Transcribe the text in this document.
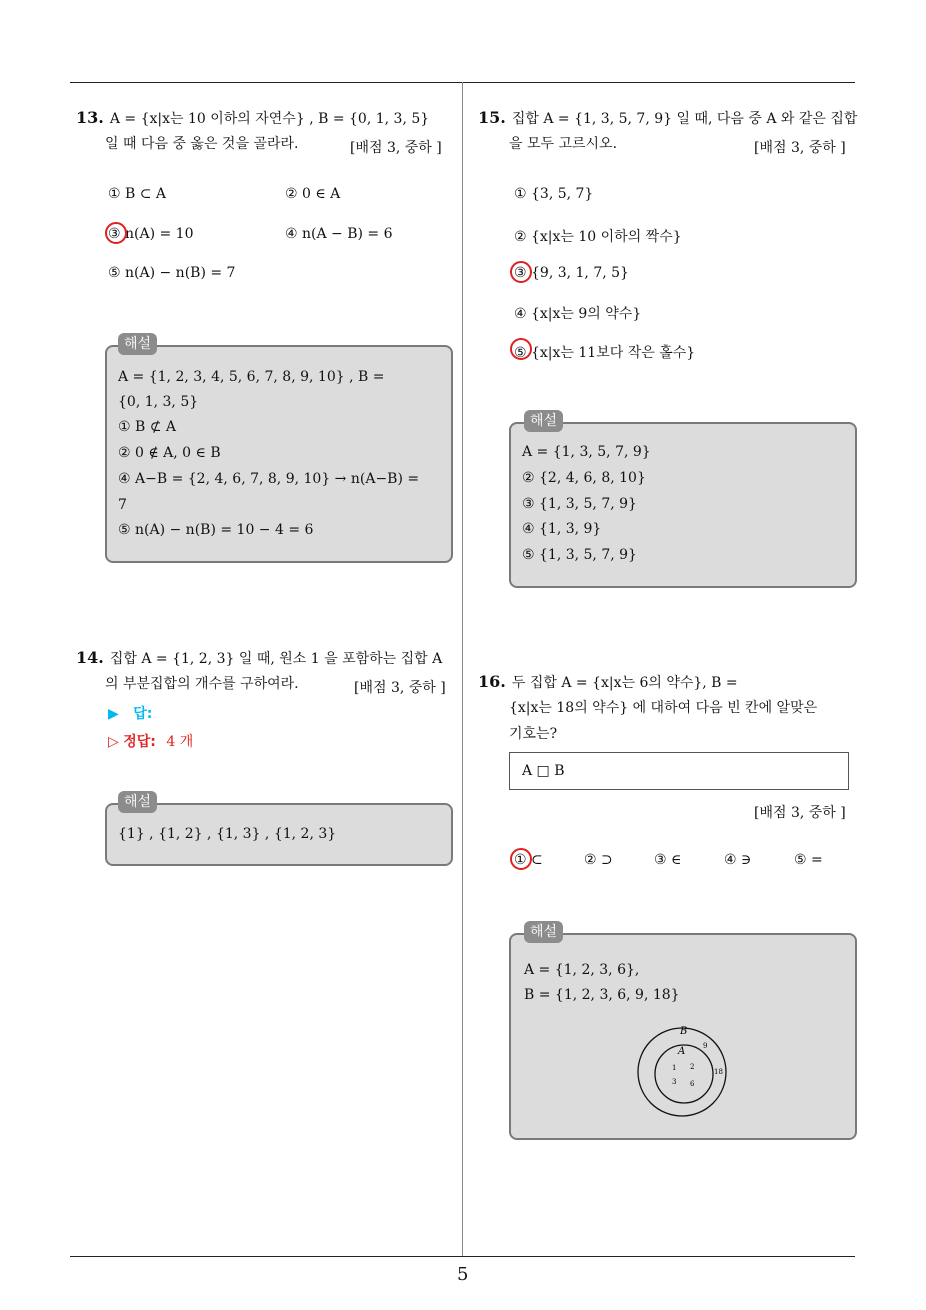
5
13. A = {x|x는 10 이하의 자연수} , B = {0, 1, 3, 5}
일 때 다음 중 옳은 것을 골라라.	[배점 3, 중하 ]
① B ⊂ A	② 0 ∈ A
③ n(A) = 10	④ n(A − B) = 6
⑤ n(A) − n(B) = 7
해설
A = {1, 2, 3, 4, 5, 6, 7, 8, 9, 10} , B =
{0, 1, 3, 5}
① B ⊄ A
② 0 ∉ A, 0 ∈ B
④ A−B = {2, 4, 6, 7, 8, 9, 10} → n(A−B) =
7
⑤ n(A) − n(B) = 10 − 4 = 6
14. 집합 A = {1, 2, 3} 일 때, 원소 1 을 포함하는 집합 A
의 부분집합의 개수를 구하여라.	[배점 3, 중하 ]
▶ 답:
▷ 정답: 4 개
해설
{1} , {1, 2} , {1, 3} , {1, 2, 3}
15. 집합 A = {1, 3, 5, 7, 9} 일 때, 다음 중 A 와 같은 집합
을 모두 고르시오.	[배점 3, 중하 ]
① {3, 5, 7}
② {x|x는 10 이하의 짝수}
③ {9, 3, 1, 7, 5}
④ {x|x는 9의 약수}
⑤ {x|x는 11보다 작은 홀수}
해설
A = {1, 3, 5, 7, 9}
② {2, 4, 6, 8, 10}
③ {1, 3, 5, 7, 9}
④ {1, 3, 9}
⑤ {1, 3, 5, 7, 9}
16. 두 집합 A = {x|x는 6의 약수}, B =
{x|x는 18의 약수} 에 대하여 다음 빈 칸에 알맞은
기호는?
A □ B
[배점 3, 중하 ]
① ⊂	② ⊃	③ ∈	④ ∋	⑤ =
해설
A = {1, 2, 3, 6},
B = {1, 2, 3, 6, 9, 18}
B
A
1 2
3 6
9
18
